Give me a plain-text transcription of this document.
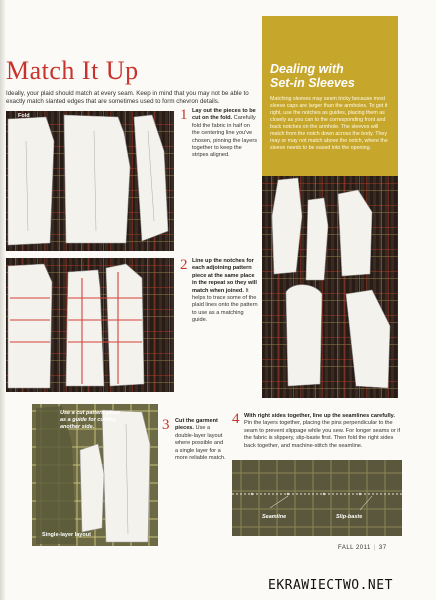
Match It Up
Ideally, your plaid should match at every seam. Keep in mind that you may not be able to exactly match slanted edges that are sometimes used to form chevron details.
Fold	1 Lay out the pieces to be cut on the fold. Carefully fold the fabric in half on the centering line you've chosen, pinning the layers together to keep the stripes aligned.
2 Line up the notches for each adjoining pattern piece at the same place in the repeat so they will match when joined. It helps to trace some of the plaid lines onto the pattern to use as a matching guide.
Use a cut pattern piece as a guide for cutting another side.
Single-layer layout
3 Cut the garment pieces. Use a double-layer layout where possible and a single layer for a more reliable match.
Dealing with
Set-in Sleeves
Matching sleeves may seem tricky because most sleeve caps are larger than the armholes. To get it right, use the notches as guides, placing them as closely as you can to the corresponding front and back notches on the armhole. The sleeves will match from the notch down across the body. They may or may not match above the notch, where the sleeve needs to be eased into the opening.
4 With right sides together, line up the seamlines carefully. Pin the layers together, placing the pins perpendicular to the seam to prevent slippage while you sew. For longer seams or if the fabric is slippery, slip-baste first. Then fold the right sides back together, and machine-stitch the seamline.
Seamline	Slip-baste
FALL 2011 | 37
EKRAWIECTWO.NET
